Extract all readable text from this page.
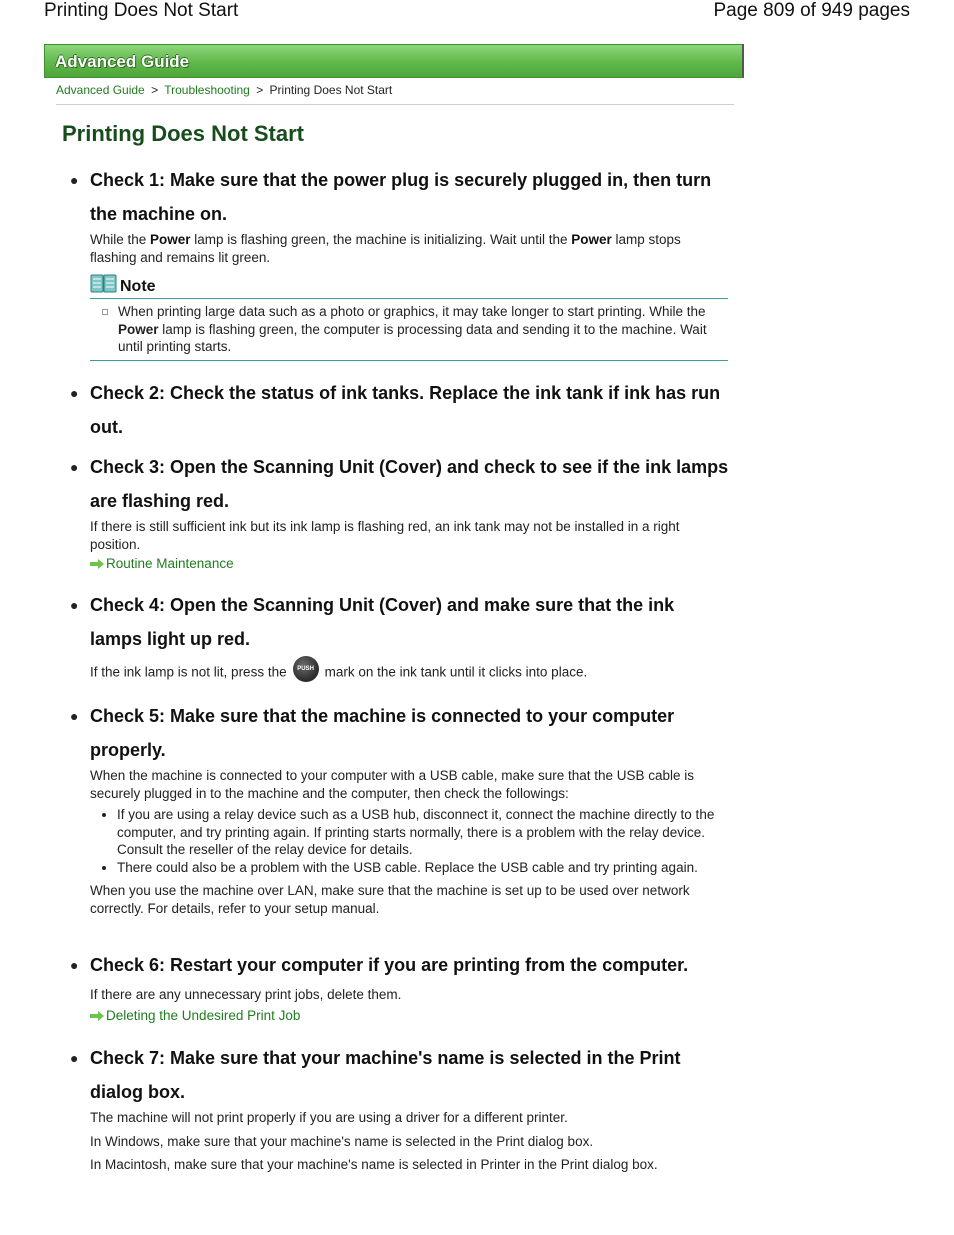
Printing Does Not Start	Page 809 of 949 pages
Advanced Guide
Advanced Guide > Troubleshooting > Printing Does Not Start
Printing Does Not Start
● Check 1: Make sure that the power plug is securely plugged in, then turn the machine on.

While the Power lamp is flashing green, the machine is initializing. Wait until the Power lamp stops flashing and remains lit green.

Note
When printing large data such as a photo or graphics, it may take longer to start printing. While the Power lamp is flashing green, the computer is processing data and sending it to the machine. Wait until printing starts.
● Check 2: Check the status of ink tanks. Replace the ink tank if ink has run out.
● Check 3: Open the Scanning Unit (Cover) and check to see if the ink lamps are flashing red.

If there is still sufficient ink but its ink lamp is flashing red, an ink tank may not be installed in a right position.

Routine Maintenance
● Check 4: Open the Scanning Unit (Cover) and make sure that the ink lamps light up red.

If the ink lamp is not lit, press the PUSH mark on the ink tank until it clicks into place.

● Check 5: Make sure that the machine is connected to your computer properly.

When the machine is connected to your computer with a USB cable, make sure that the USB cable is securely plugged in to the machine and the computer, then check the followings:

• If you are using a relay device such as a USB hub, disconnect it, connect the machine directly to the computer, and try printing again. If printing starts normally, there is a problem with the relay device. Consult the reseller of the relay device for details.
• There could also be a problem with the USB cable. Replace the USB cable and try printing again.

When you use the machine over LAN, make sure that the machine is set up to be used over network correctly. For details, refer to your setup manual.

● Check 6: Restart your computer if you are printing from the computer.

If there are any unnecessary print jobs, delete them.

Deleting the Undesired Print Job
● Check 7: Make sure that your machine's name is selected in the Print dialog box.

The machine will not print properly if you are using a driver for a different printer.

In Windows, make sure that your machine's name is selected in the Print dialog box.

In Macintosh, make sure that your machine's name is selected in Printer in the Print dialog box.
